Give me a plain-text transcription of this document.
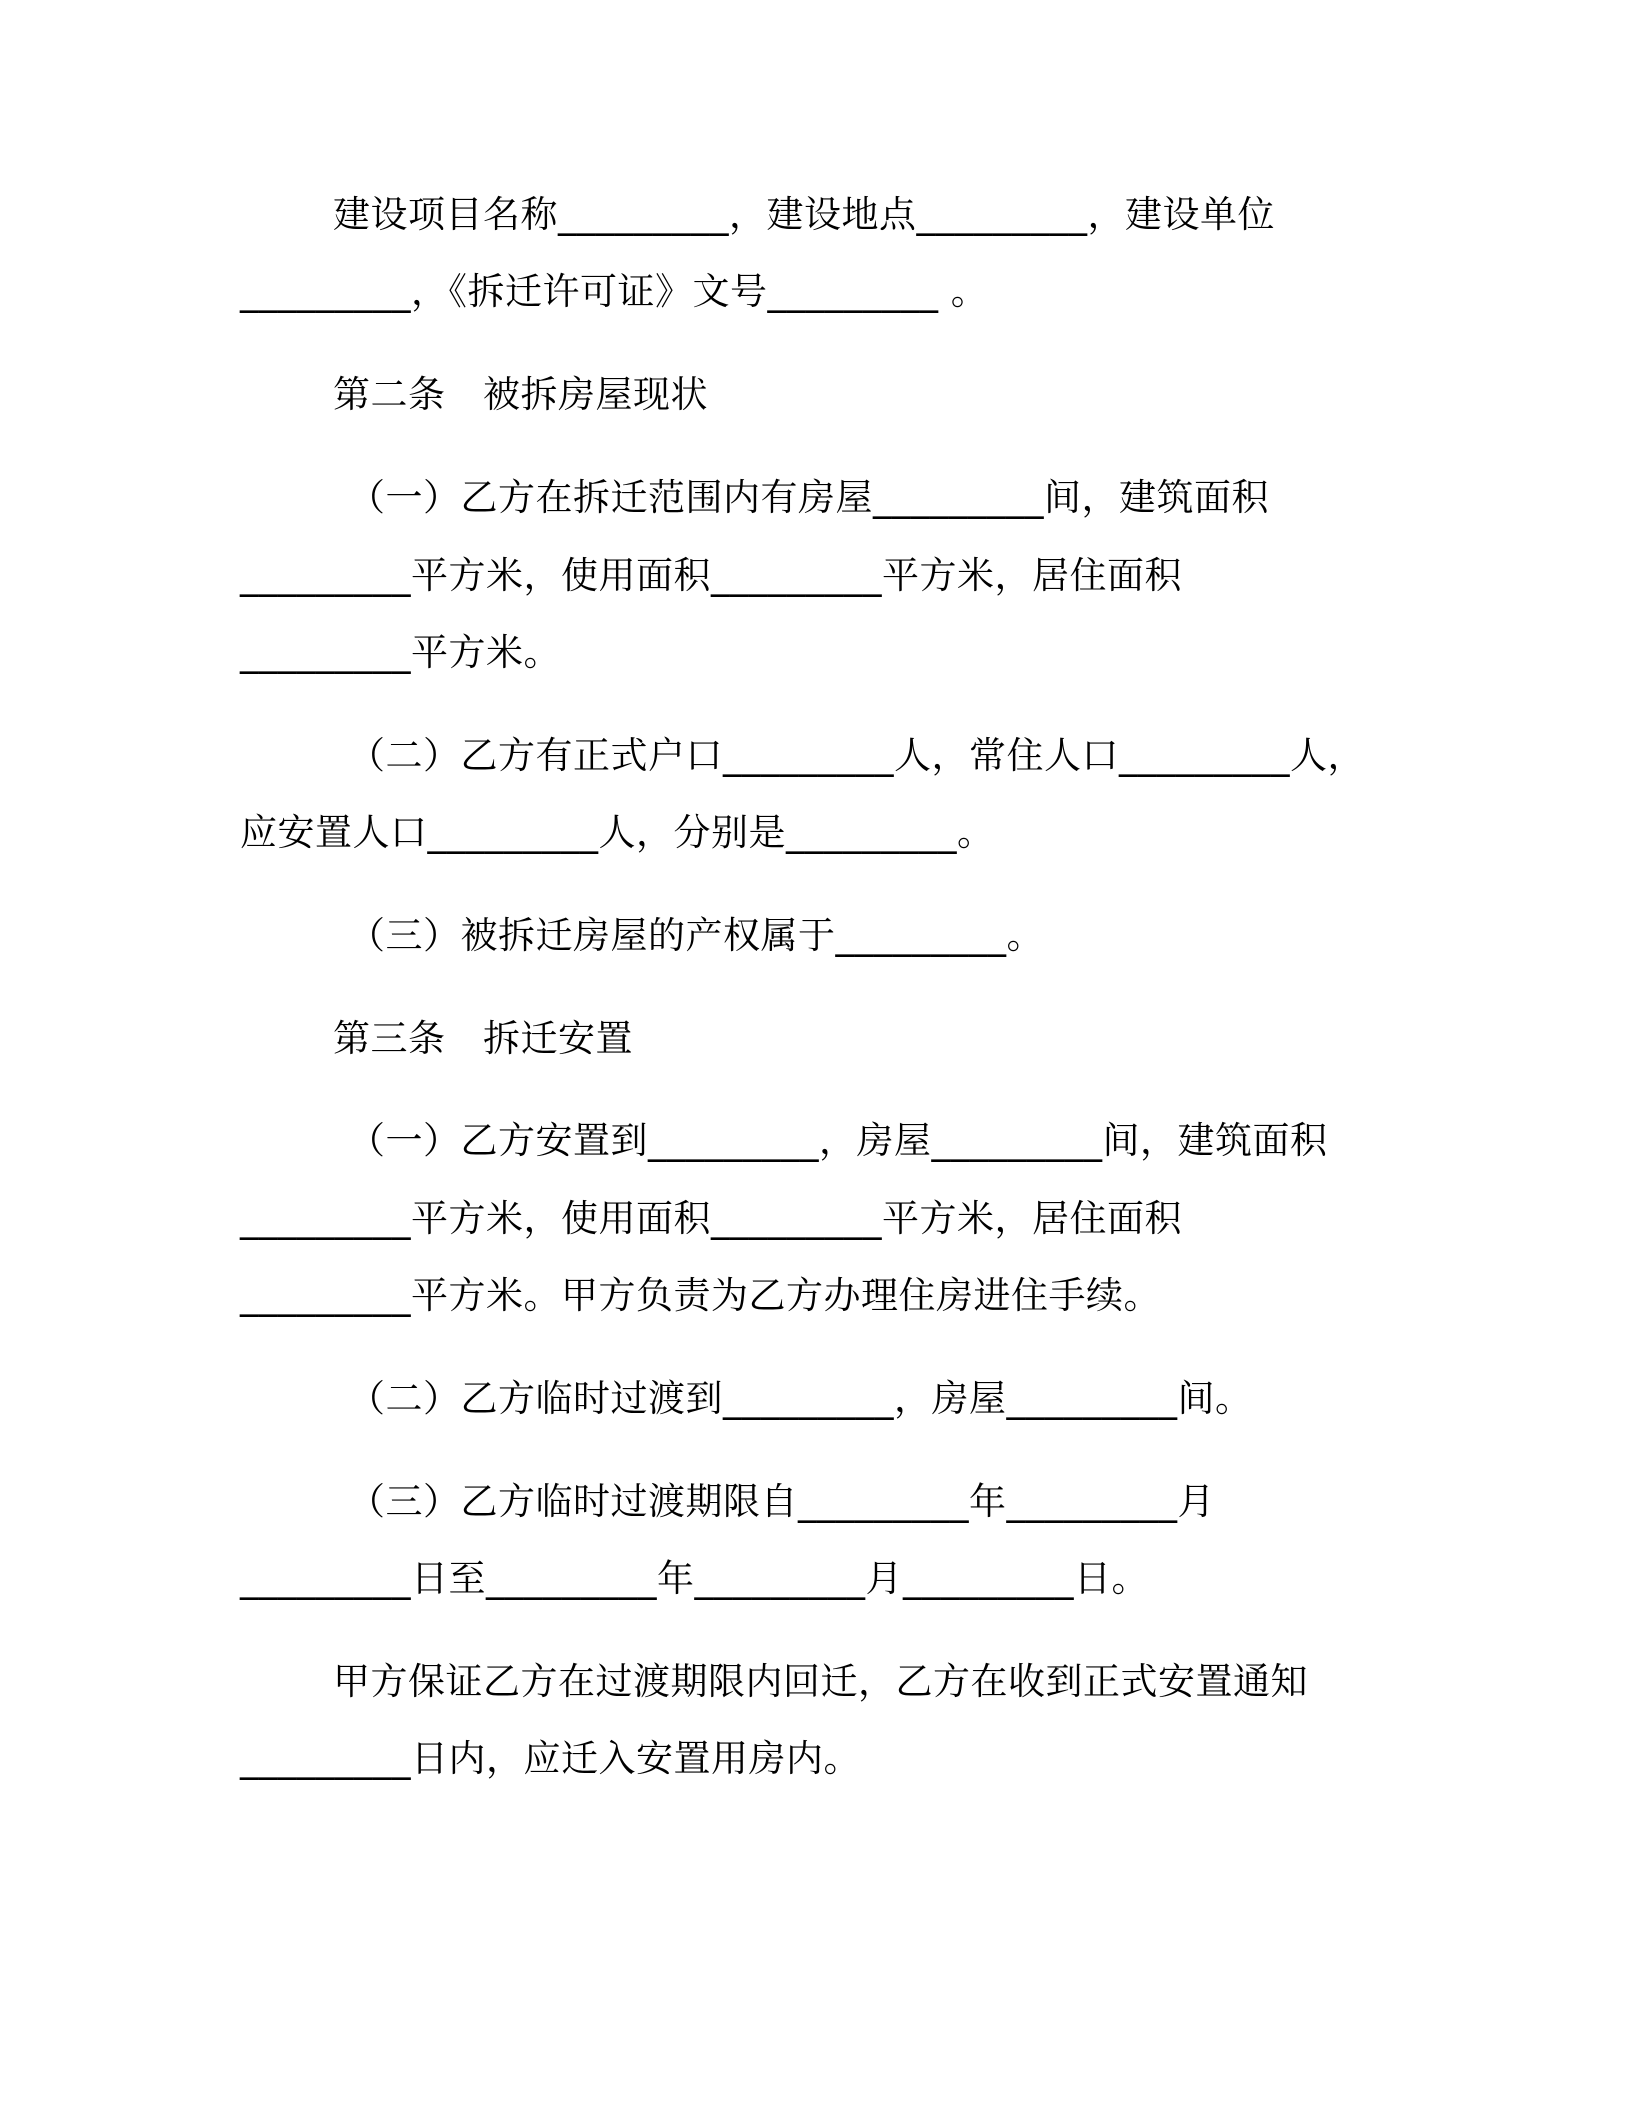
建设项目名称_________，建设地点_________，建设单位
_________，《拆迁许可证》文号_________ 。
第二条　被拆房屋现状
（一）乙方在拆迁范围内有房屋_________间，建筑面积
_________平方米，使用面积_________平方米，居住面积
_________平方米。
（二）乙方有正式户口_________人，常住人口_________人，
应安置人口_________人，分别是_________。
（三）被拆迁房屋的产权属于_________。
第三条　拆迁安置
（一）乙方安置到_________，房屋_________间，建筑面积
_________平方米，使用面积_________平方米，居住面积
_________平方米。甲方负责为乙方办理住房进住手续。
（二）乙方临时过渡到_________，房屋_________间。
（三）乙方临时过渡期限自_________年_________月
_________日至_________年_________月_________日。
甲方保证乙方在过渡期限内回迁，乙方在收到正式安置通知
_________日内，应迁入安置用房内。
